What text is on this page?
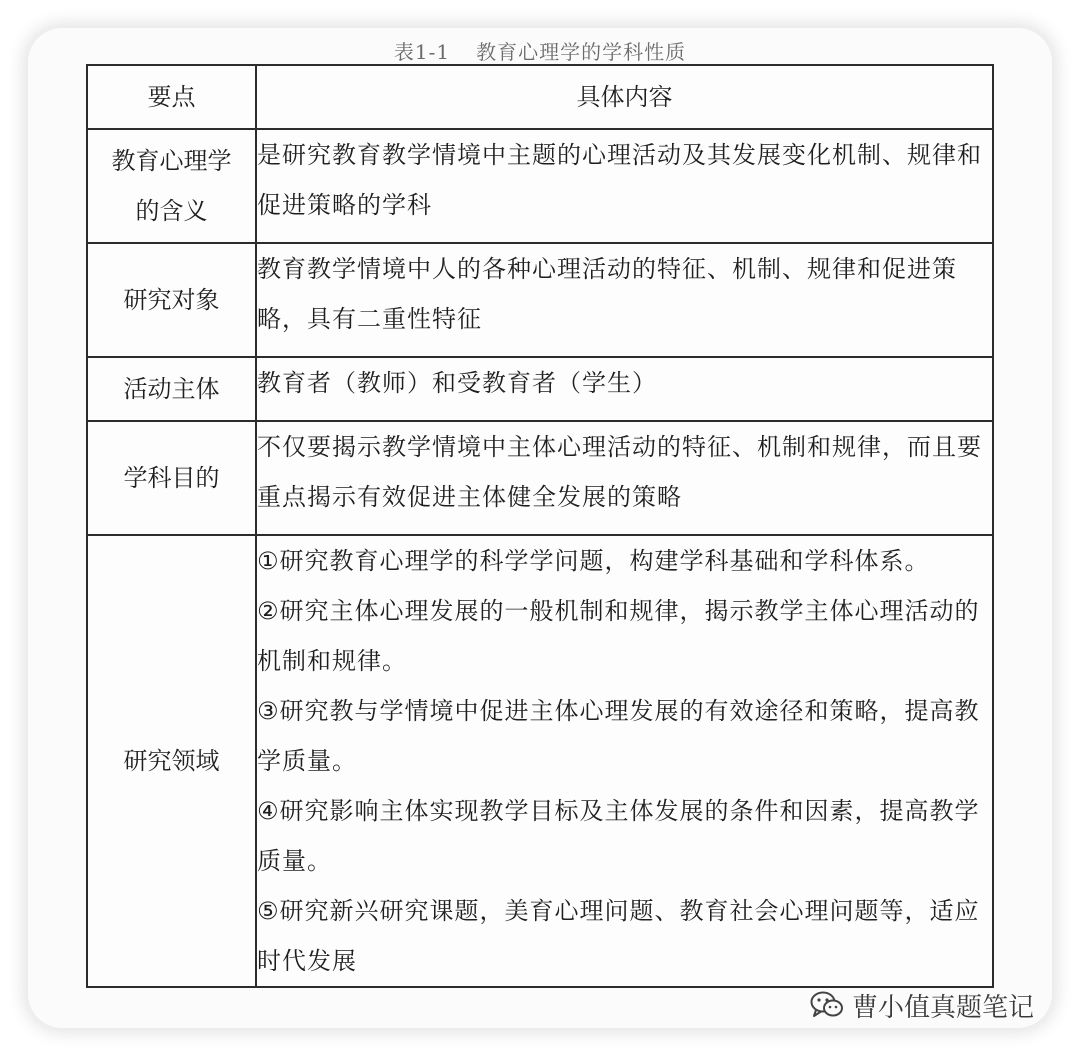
表1-1 教育心理学的学科性质
要点	具体内容

教育心理学
的含义	是研究教育教学情境中主题的心理活动及其发展变化机制、规律和促进策略的学科
研究对象	教育教学情境中人的各种心理活动的特征、机制、规律和促进策略，具有二重性特征
活动主体	教育者（教师）和受教育者（学生）
学科目的	不仅要揭示教学情境中主体心理活动的特征、机制和规律，而且要重点揭示有效促进主体健全发展的策略
研究领域	①研究教育心理学的科学学问题，构建学科基础和学科体系。
②研究主体心理发展的一般机制和规律，揭示教学主体心理活动的机制和规律。
③研究教与学情境中促进主体心理发展的有效途径和策略，提高教学质量。
④研究影响主体实现教学目标及主体发展的条件和因素，提高教学质量。
⑤研究新兴研究课题，美育心理问题、教育社会心理问题等，适应时代发展
曹小值真题笔记
